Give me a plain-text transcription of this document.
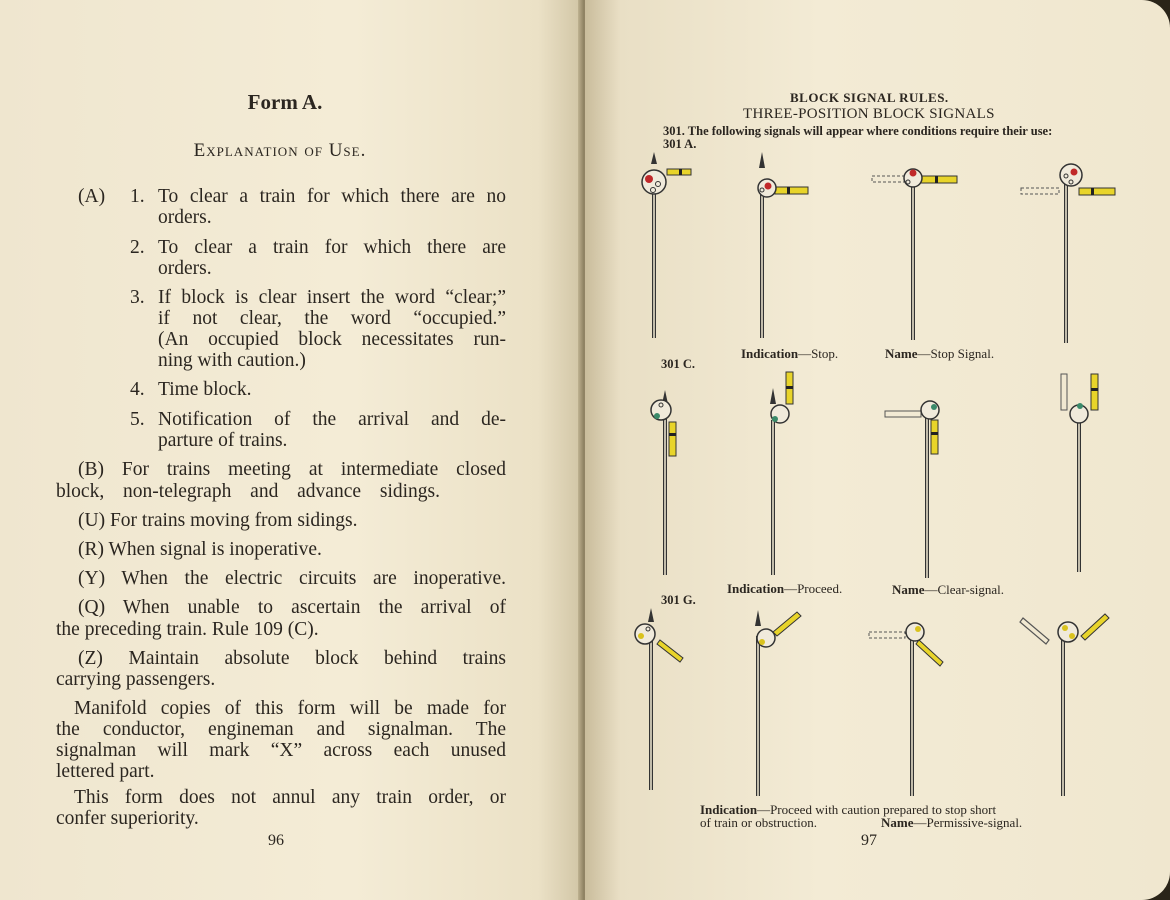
Form A.
Explanation of Use.
(A) 1. To clear a train for which there are no
orders.
2. To clear a train for which there are
orders.
3. If block is clear insert the word “clear;”
if not clear, the word “occupied.”
(An occupied block necessitates run-
ning with caution.)
4. Time block.
5. Notification of the arrival and de-
parture of trains.
(B) For trains meeting at intermediate closed
block, non-telegraph and advance sidings.
(U) For trains moving from sidings.
(R) When signal is inoperative.
(Y) When the electric circuits are inoperative.
(Q) When unable to ascertain the arrival of
the preceding train. Rule 109 (C).
(Z) Maintain absolute block behind trains
carrying passengers.
Manifold copies of this form will be made for
the conductor, engineman and signalman. The
signalman will mark “X” across each unused
lettered part.
This form does not annul any train order, or
confer superiority.
96
BLOCK SIGNAL RULES.
THREE-POSITION BLOCK SIGNALS
301. The following signals will appear where conditions require their use:
301 A.
Indication—Stop.	Name—Stop Signal.
301 C.
Indication—Proceed.	Name—Clear-signal.
301 G.
Indication—Proceed with caution prepared to stop short
of train or obstruction.	Name—Permissive-signal.
97
